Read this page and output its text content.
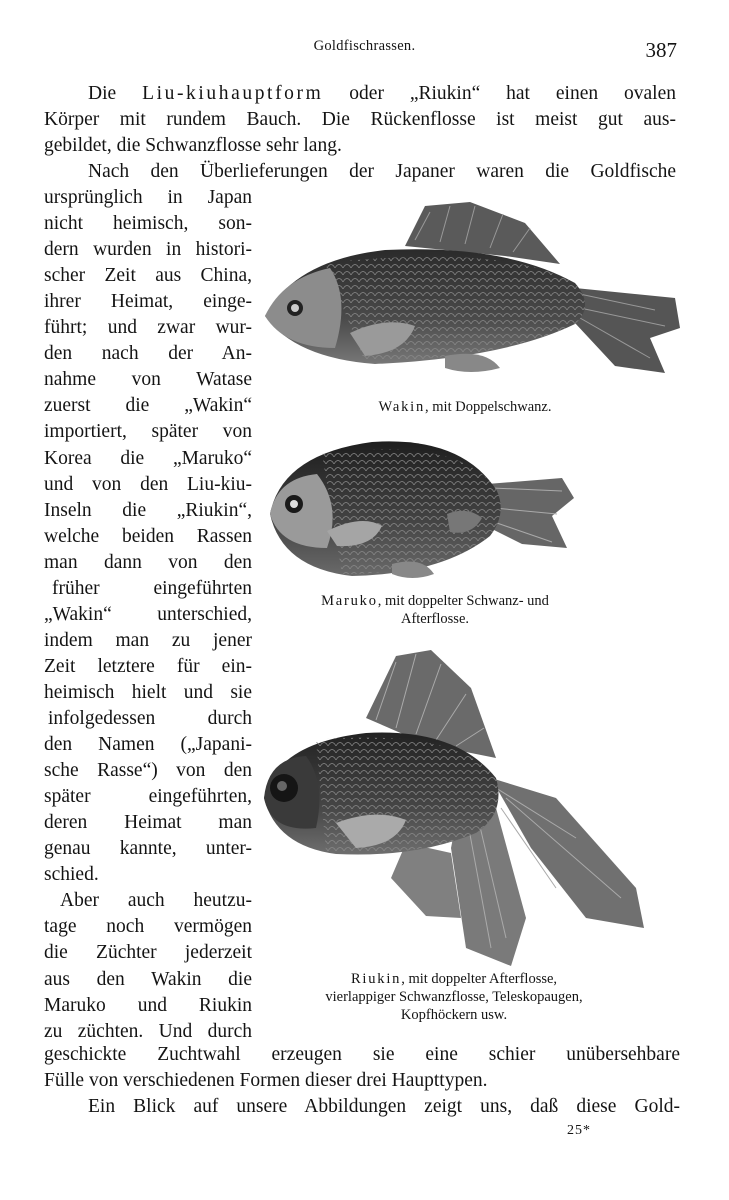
Goldfischrassen.	387
Die Liu-kiuhauptform oder „Riukin“ hat einen ovalen
Körper mit rundem Bauch. Die Rückenflosse ist meist gut aus-
gebildet, die Schwanzflosse sehr lang.
Nach den Überlieferungen der Japaner waren die Goldfische
ursprünglich in Japan
nicht heimisch, son-
dern wurden in histori-
scher Zeit aus China,
ihrer Heimat, einge-
führt; und zwar wur-
den nach der An-
nahme von Watase
zuerst die „Wakin“
importiert, später von
Korea die „Maruko“
und von den Liu-kiu-
Inseln die „Riukin“,
welche beiden Rassen
man dann von den
früher eingeführten
„Wakin“ unterschied,
indem man zu jener
Zeit letztere für ein-
heimisch hielt und sie
infolgedessen durch
den Namen („Japani-
sche Rasse“) von den
später eingeführten,
deren Heimat man
genau kannte, unter-
schied.
Aber auch heutzu-
tage noch vermögen
die Züchter jederzeit
aus den Wakin die
Maruko und Riukin
zu züchten. Und durch
geschickte Zuchtwahl erzeugen sie eine schier unübersehbare
Fülle von verschiedenen Formen dieser drei Haupttypen.
Ein Blick auf unsere Abbildungen zeigt uns, daß diese Gold-
Wakin, mit Doppelschwanz.
Maruko, mit doppelter Schwanz- und
Afterflosse.
Riukin, mit doppelter Afterflosse,
vierlappiger Schwanzflosse, Teleskopaugen,
Kopfhöckern usw.
25*
